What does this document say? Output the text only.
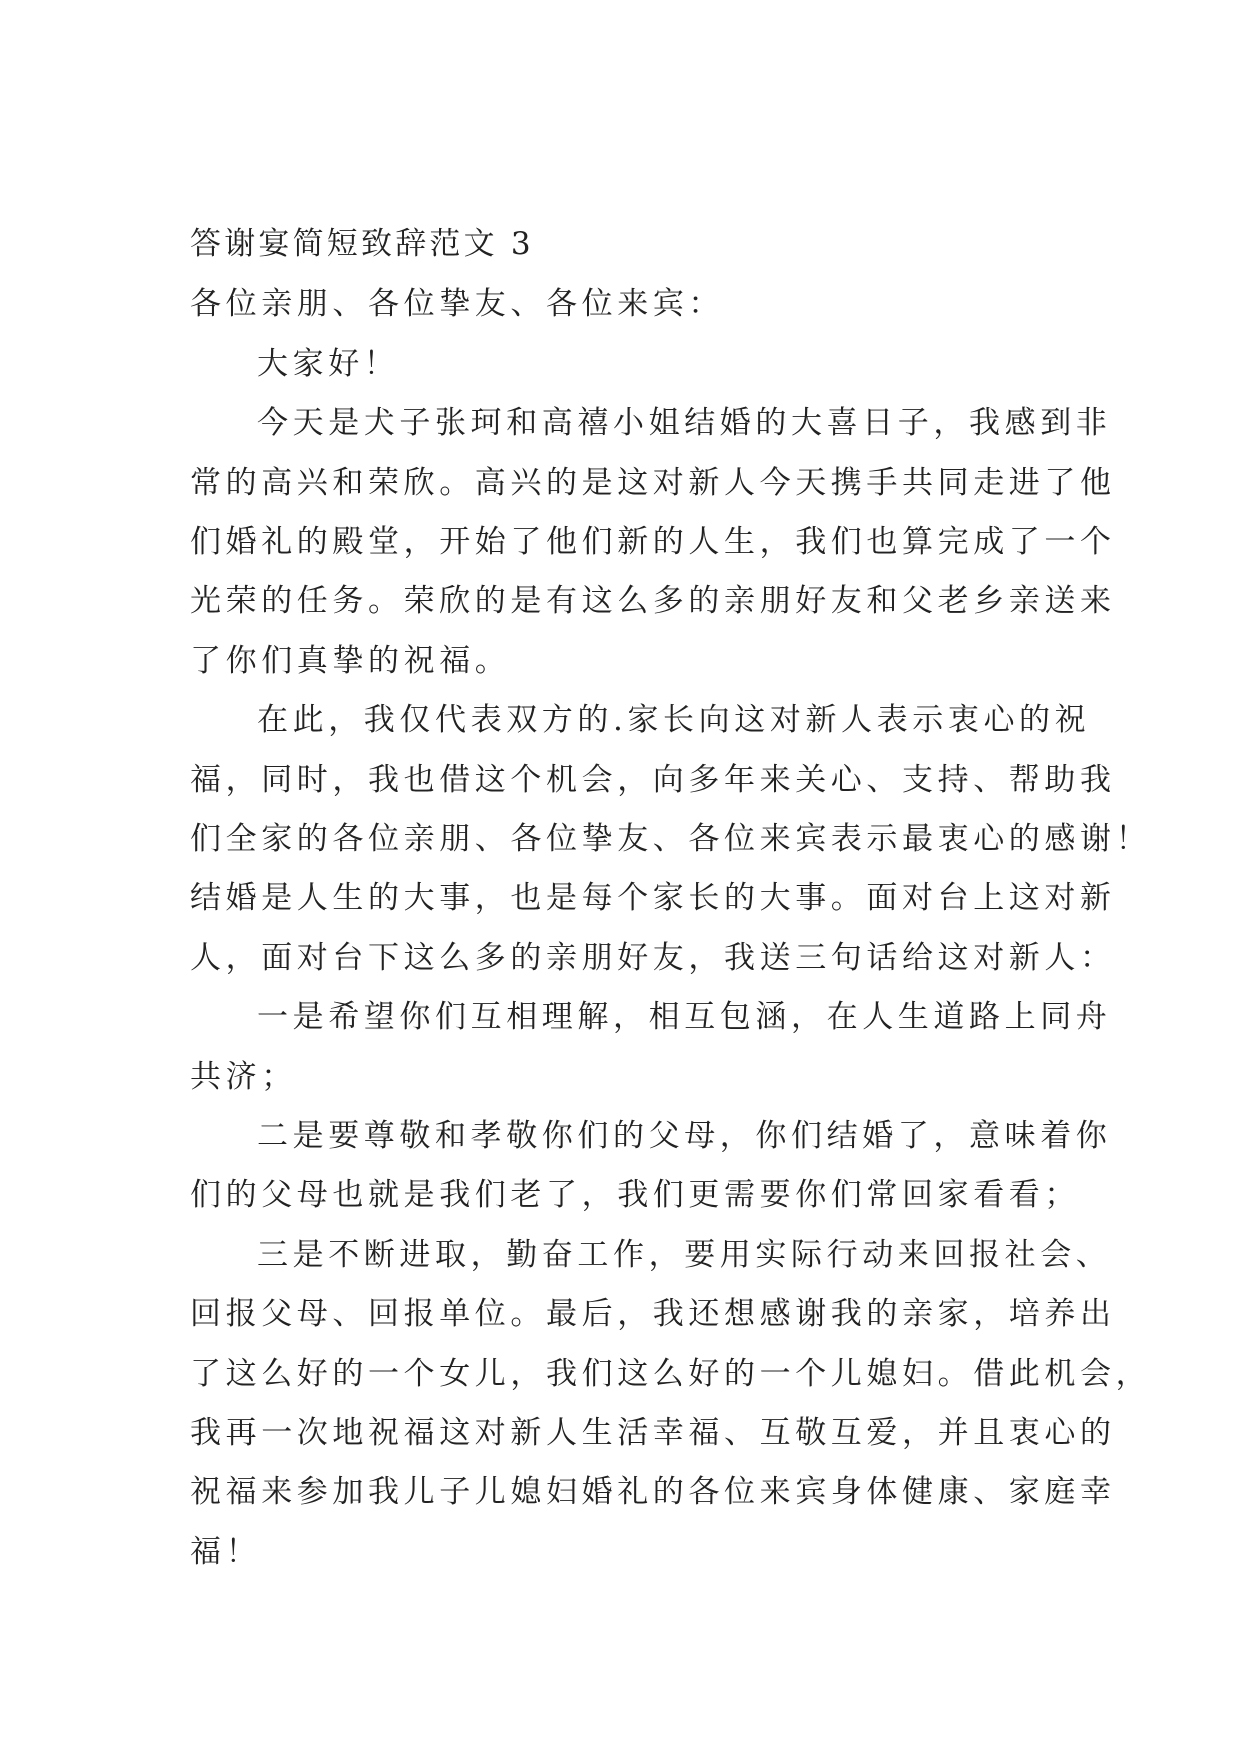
答谢宴简短致辞范文 3
各位亲朋、各位挚友、各位来宾：
大家好！
今天是犬子张珂和高禧小姐结婚的大喜日子，我感到非
常的高兴和荣欣。高兴的是这对新人今天携手共同走进了他
们婚礼的殿堂，开始了他们新的人生，我们也算完成了一个
光荣的任务。荣欣的是有这么多的亲朋好友和父老乡亲送来
了你们真挚的祝福。
在此，我仅代表双方的.家长向这对新人表示衷心的祝
福，同时，我也借这个机会，向多年来关心、支持、帮助我
们全家的各位亲朋、各位挚友、各位来宾表示最衷心的感谢！
结婚是人生的大事，也是每个家长的大事。面对台上这对新
人，面对台下这么多的亲朋好友，我送三句话给这对新人：
一是希望你们互相理解，相互包涵，在人生道路上同舟
共济；
二是要尊敬和孝敬你们的父母，你们结婚了，意味着你
们的父母也就是我们老了，我们更需要你们常回家看看；
三是不断进取，勤奋工作，要用实际行动来回报社会、
回报父母、回报单位。最后，我还想感谢我的亲家，培养出
了这么好的一个女儿，我们这么好的一个儿媳妇。借此机会，
我再一次地祝福这对新人生活幸福、互敬互爱，并且衷心的
祝福来参加我儿子儿媳妇婚礼的各位来宾身体健康、家庭幸
福！
